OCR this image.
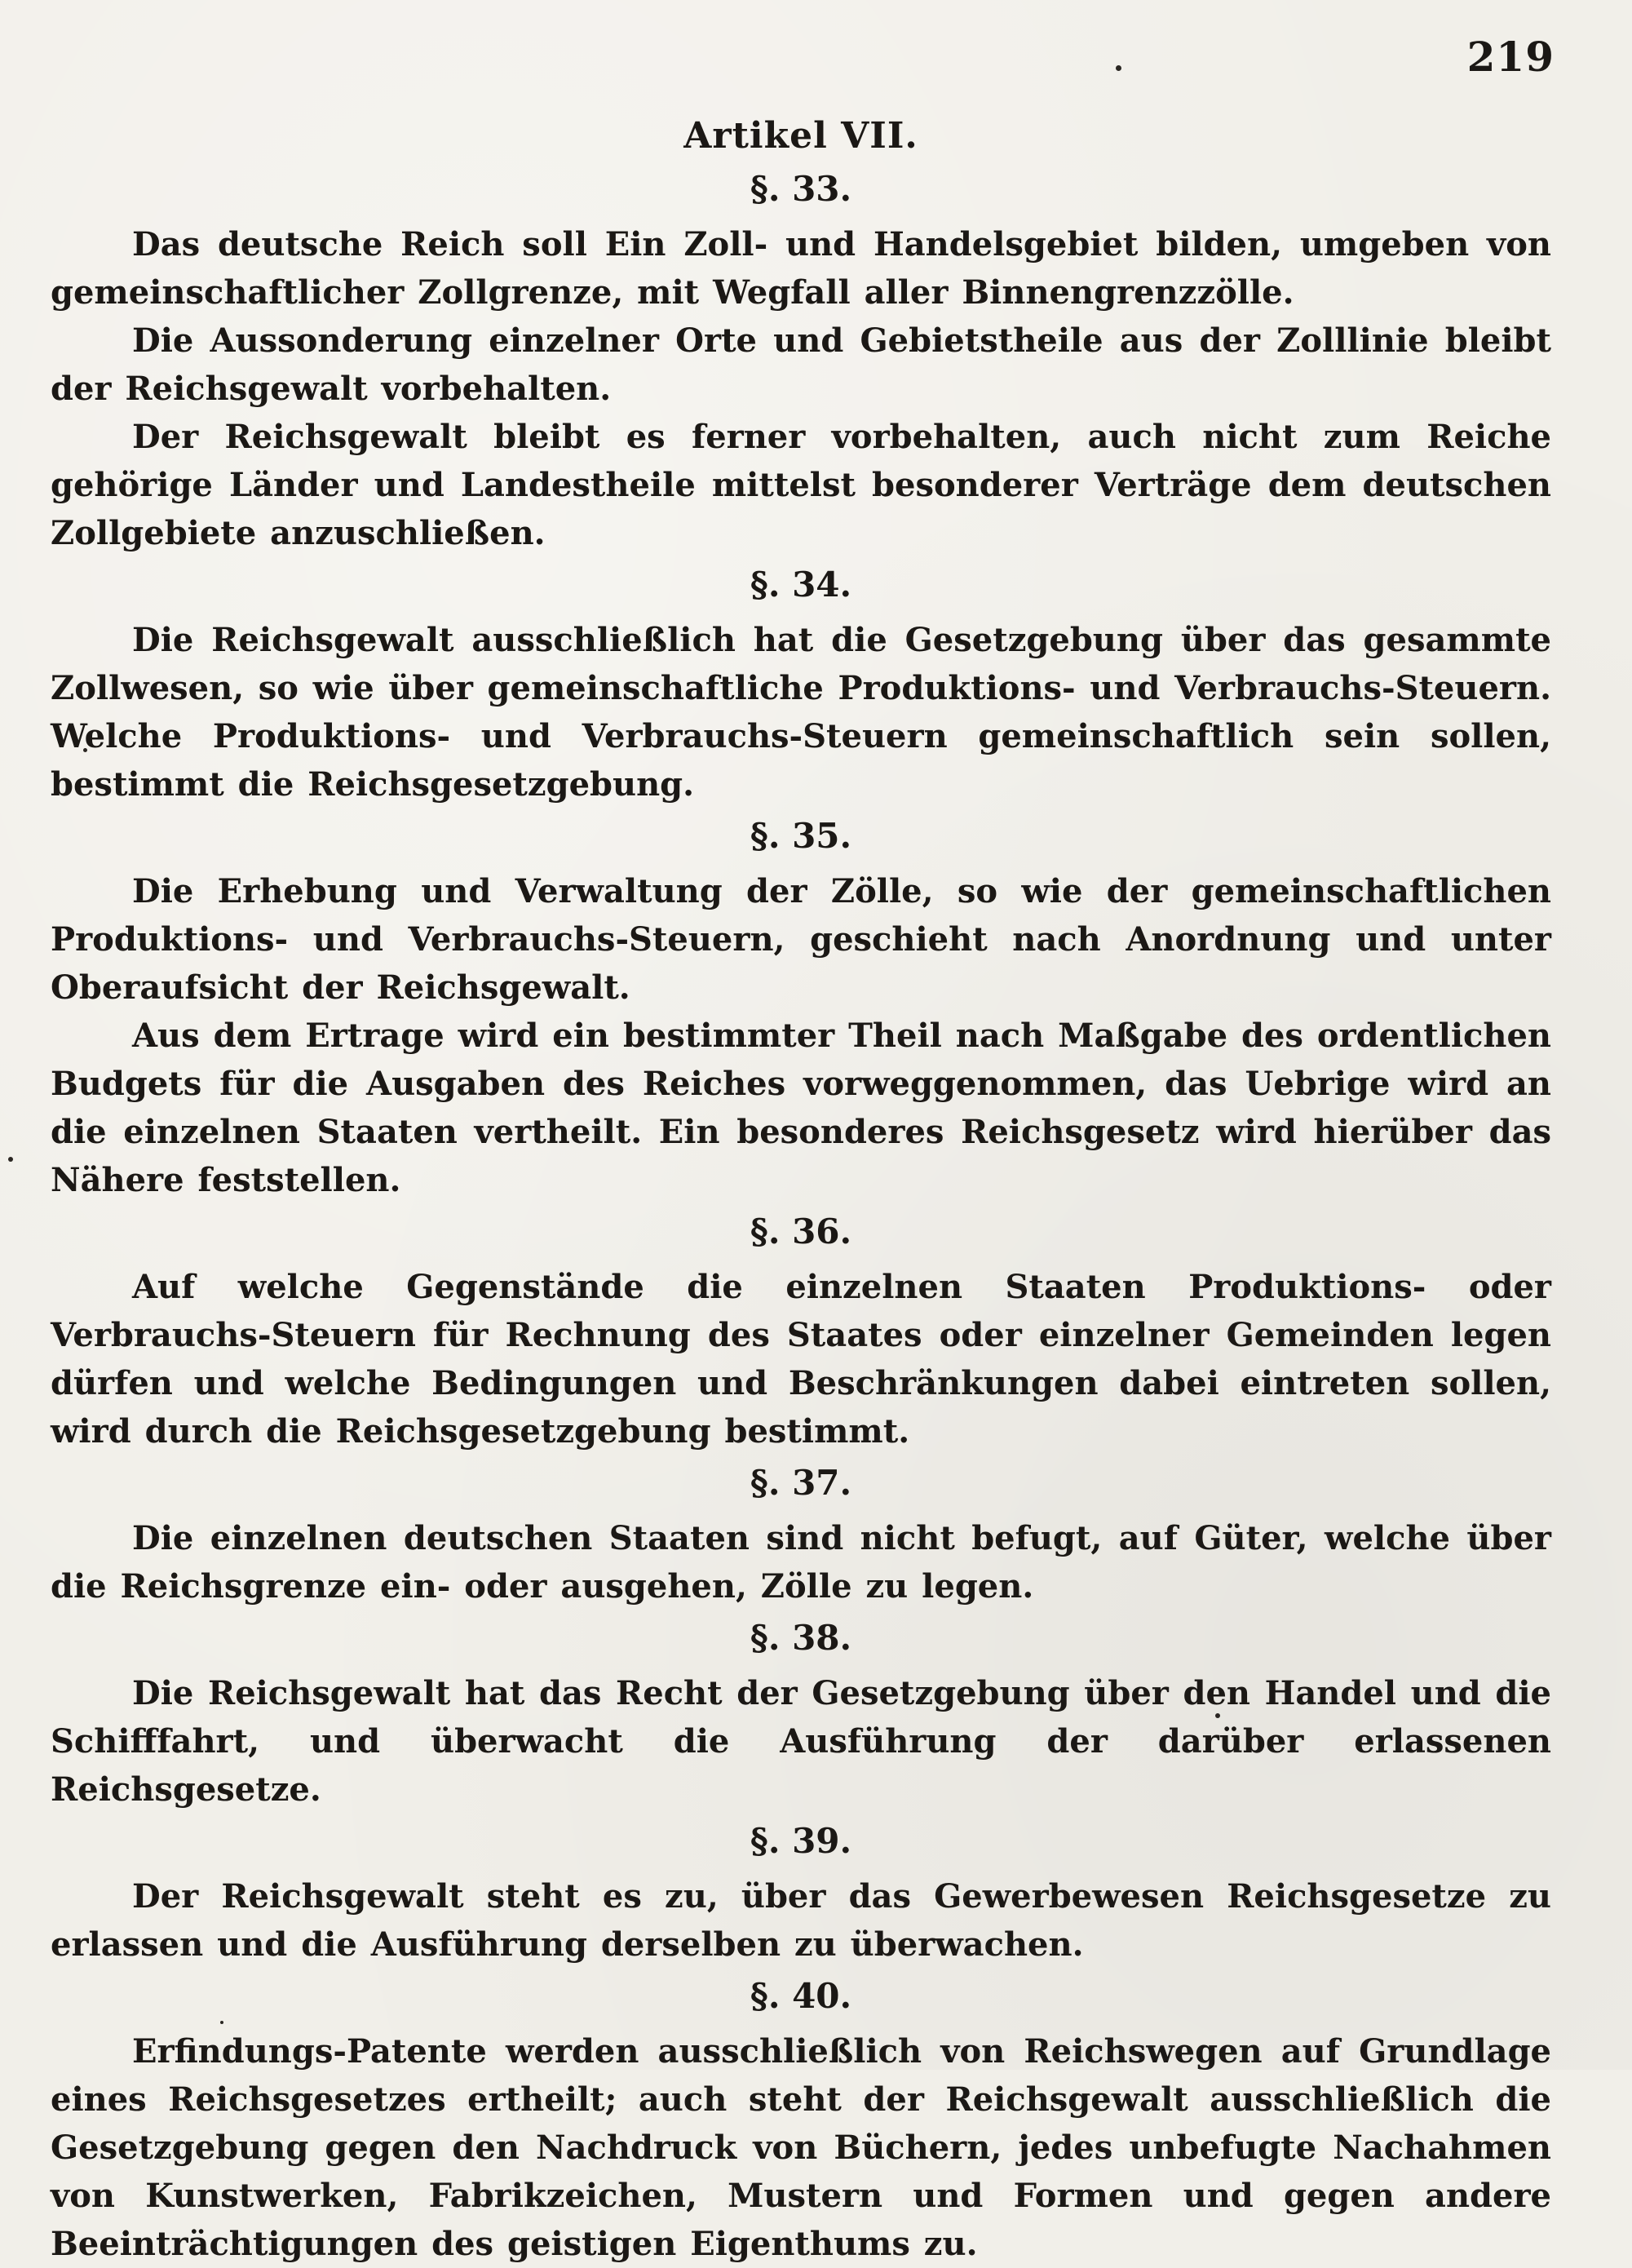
219

Artikel VII.
§. 33.

Das deutsche Reich soll Ein Zoll- und Handelsgebiet bilden, umgeben von gemeinschaftlicher Zollgrenze, mit Wegfall aller Binnengrenzzölle.

Die Aussonderung einzelner Orte und Gebietstheile aus der Zolllinie bleibt der Reichsgewalt vorbehalten.

Der Reichsgewalt bleibt es ferner vorbehalten, auch nicht zum Reiche gehörige Länder und Landestheile mittelst besonderer Verträge dem deutschen Zollgebiete anzuschließen.

§. 34.

Die Reichsgewalt ausschließlich hat die Gesetzgebung über das gesammte Zollwesen, so wie über gemeinschaftliche Produktions- und Verbrauchs-Steuern. Welche Produktions- und Verbrauchs-Steuern gemeinschaftlich sein sollen, bestimmt die Reichsgesetzgebung.

§. 35.

Die Erhebung und Verwaltung der Zölle, so wie der gemeinschaftlichen Produktions- und Verbrauchs-Steuern, geschieht nach Anordnung und unter Oberaufsicht der Reichsgewalt.

Aus dem Ertrage wird ein bestimmter Theil nach Maßgabe des ordentlichen Budgets für die Ausgaben des Reiches vorweggenommen, das Uebrige wird an die einzelnen Staaten vertheilt. Ein besonderes Reichsgesetz wird hierüber das Nähere feststellen.

§. 36.

Auf welche Gegenstände die einzelnen Staaten Produktions- oder Verbrauchs-Steuern für Rechnung des Staates oder einzelner Gemeinden legen dürfen und welche Bedingungen und Beschränkungen dabei eintreten sollen, wird durch die Reichsgesetzgebung bestimmt.

§. 37.

Die einzelnen deutschen Staaten sind nicht befugt, auf Güter, welche über die Reichsgrenze ein- oder ausgehen, Zölle zu legen.

§. 38.

Die Reichsgewalt hat das Recht der Gesetzgebung über den Handel und die Schifffahrt, und überwacht die Ausführung der darüber erlassenen Reichsgesetze.

§. 39.

Der Reichsgewalt steht es zu, über das Gewerbewesen Reichsgesetze zu erlassen und die Ausführung derselben zu überwachen.

§. 40.

Erfindungs-Patente werden ausschließlich von Reichswegen auf Grundlage eines Reichsgesetzes ertheilt; auch steht der Reichsgewalt ausschließlich die Gesetzgebung gegen den Nachdruck von Büchern, jedes unbefugte Nachahmen von Kunstwerken, Fabrikzeichen, Mustern und Formen und gegen andere Beeinträchtigungen des geistigen Eigenthums zu.
